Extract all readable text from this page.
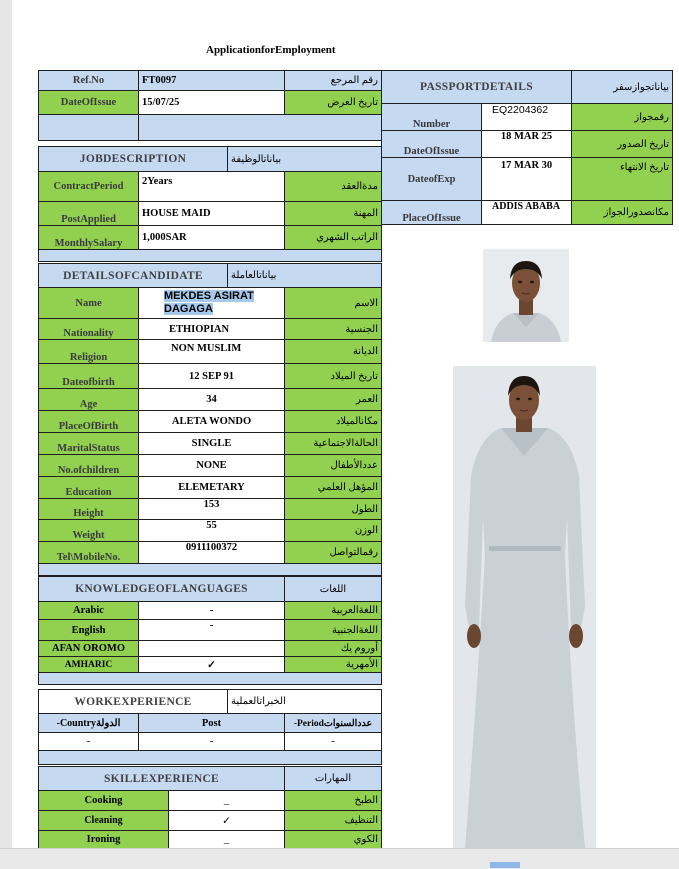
ApplicationforEmployment
Ref.No	FT0097	رقم المرجع
DateOfIssue	15/07/25	تاريخ العرض

JOBDESCRIPTION		بياناتالوظيفة	
ContractPeriod	2Years		مدةالعقد
PostApplied	HOUSE MAID		المهنة
MonthlySalary	1,000SAR		الراتب الشهري

DETAILSOFCANDIDATE		بياناتالعاملة	
Name	MEKDES ASIRAT DAGAGA		الاسم
Nationality	ETHIOPIAN		الجنسية
Religion	NON MUSLIM		الديانة
Dateofbirth	12 SEP 91		تاريخ الميلاد
Age	34		العمر
PlaceOfBirth	ALETA WONDO		مكانالميلاد
MaritalStatus	SINGLE		الحالةالاجتماعية
No.ofchildren	NONE		عددالأطفال
Education	ELEMETARY		المؤهل العلمي
Height	153		الطول
Weight	55		الوزن
Tel\MobileNo.	0911100372		رقمالتواصل

KNOWLEDGEOFLANGUAGES		اللغات
Arabic	-	اللغةالعربية
English	-	اللغةالجنبية
AFAN OROMO		أوروم يك
AMHARIC	✓	الأمهرية

WORKEXPERIENCE		الخبراتالعملية	
-Countryالدولة	Post		-Periodعددالسنوات
-	-		-

SKILLEXPERIENCE		المهارات
Cooking	_	الطبخ
Cleaning	✓	التنظيف
Ironing	_	الكوي
PASSPORTDETAILS		بياناتجوازسفر
Number	EQ2204362	رقمجواز
DateOfIssue	18 MAR 25	تاريخ الصدور
DateofExp	17 MAR 30	تاريخ الانتهاء
PlaceOfIssue	ADDIS ABABA	مكانصدورالجواز
